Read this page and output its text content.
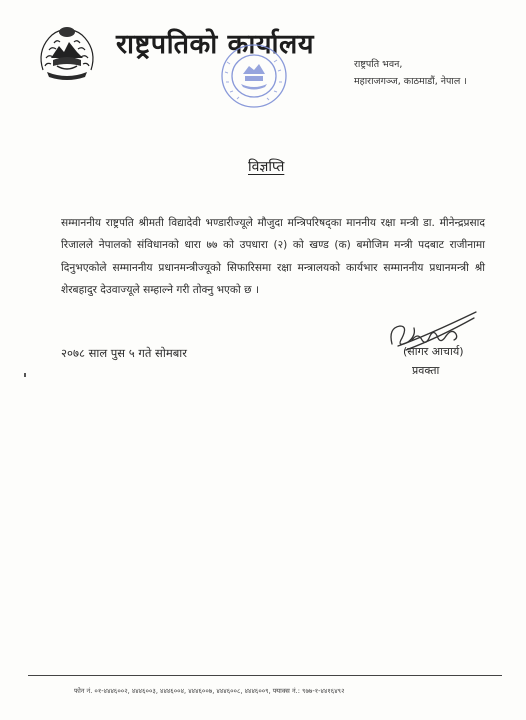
राष्ट्रपतिको कार्यालय
राष्ट्रपति भवन,
महाराजगञ्ज, काठमाडौं, नेपाल ।
विज्ञप्ति
सम्माननीय राष्ट्रपति श्रीमती विद्यादेवी भण्डारीज्यूले मौजुदा मन्त्रिपरिषद्का माननीय रक्षा मन्त्री डा. मीनेन्द्रप्रसाद रिजालले नेपालको संविधानको धारा ७७ को उपधारा (२) को खण्ड (क) बमोजिम मन्त्री पदबाट राजीनामा दिनुभएकोले सम्माननीय प्रधानमन्त्रीज्यूको सिफारिसमा रक्षा मन्त्रालयको कार्यभार सम्माननीय प्रधानमन्त्री श्री शेरबहादुर देउवाज्यूले सम्हाल्ने गरी तोक्नु भएको छ ।
२०७८ साल पुस ५ गते सोमबार	(सागर आचार्य)
प्रवक्ता
फोन नं. ०१-४४४६००२, ४४४६००३, ४४४६००४, ४४४६००७, ४४४६००८, ४४४६००९, फ्याक्स नं.: ९७७-१-४४१६४९२
